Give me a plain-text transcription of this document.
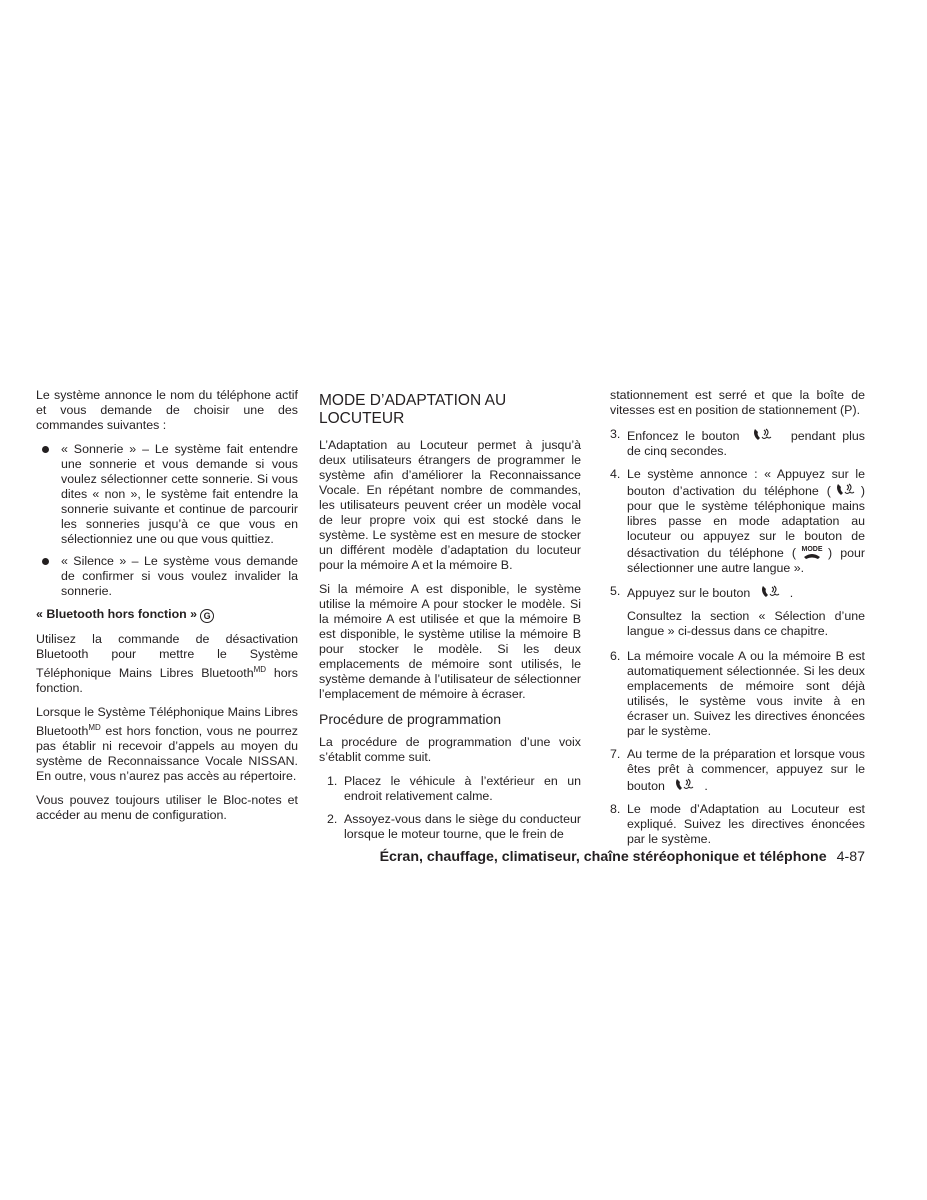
Le système annonce le nom du téléphone actif et vous demande de choisir une des commandes suivantes :

« Sonnerie » – Le système fait entendre une sonnerie et vous demande si vous voulez sélectionner cette sonnerie. Si vous dites « non », le système fait entendre la sonnerie suivante et continue de parcourir les sonneries jusqu’à ce que vous en sélectionniez une ou que vous quittiez.
« Silence » – Le système vous demande de confirmer si vous voulez invalider la sonnerie.
« Bluetooth hors fonction » G

Utilisez la commande de désactivation Bluetooth pour mettre le Système Téléphonique Mains Libres Bluetooth$^{MD}$ hors fonction.

Lorsque le Système Téléphonique Mains Libres Bluetooth$^{MD}$ est hors fonction, vous ne pourrez pas établir ni recevoir d’appels au moyen du système de Reconnaissance Vocale NISSAN. En outre, vous n’aurez pas accès au répertoire.

Vous pouvez toujours utiliser le Bloc-notes et accéder au menu de configuration.

MODE D’ADAPTATION AU LOCUTEUR

L’Adaptation au Locuteur permet à jusqu’à deux utilisateurs étrangers de programmer le système afin d’améliorer la Reconnaissance Vocale. En répétant nombre de commandes, les utilisateurs peuvent créer un modèle vocal de leur propre voix qui est stocké dans le système. Le système est en mesure de stocker un différent modèle d’adaptation du locuteur pour la mémoire A et la mémoire B.

Si la mémoire A est disponible, le système utilise la mémoire A pour stocker le modèle. Si la mémoire A est utilisée et que la mémoire B est disponible, le système utilise la mémoire B pour stocker le modèle. Si les deux emplacements de mémoire sont utilisés, le système demande à l’utilisateur de sélectionner l’emplacement de mémoire à écraser.

Procédure de programmation

La procédure de programmation d’une voix s’établit comme suit.

1. Placez le véhicule à l’extérieur en un endroit relativement calme.
2. Assoyez-vous dans le siège du conducteur lorsque le moteur tourne, que le frein de

stationnement est serré et que la boîte de vitesses est en position de stationnement (P).

3. Enfoncez le bouton	pendant plus de cinq secondes.
4. Le système annonce : « Appuyez sur le bouton d’activation du téléphone ( ) pour que le système téléphonique mains libres passe en mode adaptation au locuteur ou appuyez sur le bouton de désactivation du téléphone ( MODE ) pour sélectionner une autre langue ».
5. Appuyez sur le bouton	.

Consultez la section « Sélection d’une langue » ci-dessus dans ce chapitre.

6. La mémoire vocale A ou la mémoire B est automatiquement sélectionnée. Si les deux emplacements de mémoire sont déjà utilisés, le système vous invite à en écraser un. Suivez les directives énoncées par le système.
7. Au terme de la préparation et lorsque vous êtes prêt à commencer, appuyez sur le bouton	.
8. Le mode d’Adaptation au Locuteur est expliqué. Suivez les directives énoncées par le système.
Écran, chauffage, climatiseur, chaîne stéréophonique et téléphone 4-87
